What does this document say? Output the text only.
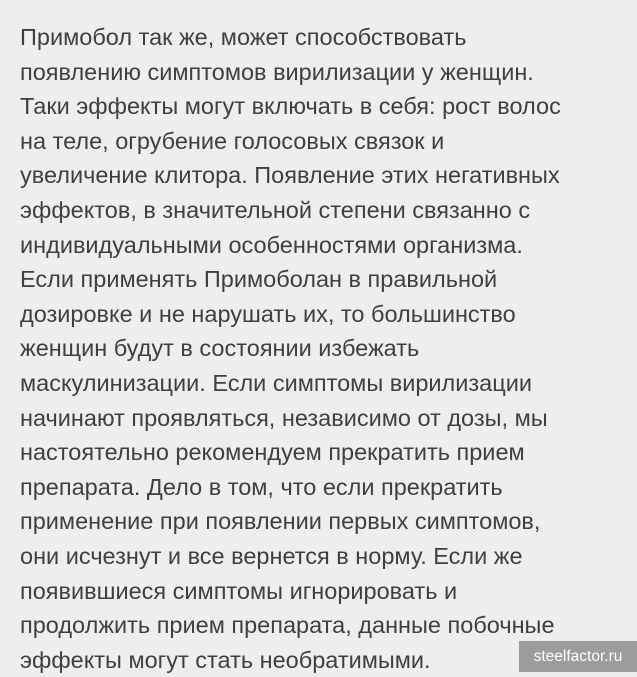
Примобол так же, может способствовать
появлению симптомов вирилизации у женщин.
Таки эффекты могут включать в себя: рост волос
на теле, огрубение голосовых связок и
увеличение клитора. Появление этих негативных
эффектов, в значительной степени связанно с
индивидуальными особенностями организма.
Если применять Примоболан в правильной
дозировке и не нарушать их, то большинство
женщин будут в состоянии избежать
маскулинизации. Если симптомы вирилизации
начинают проявляться, независимо от дозы, мы
настоятельно рекомендуем прекратить прием
препарата. Дело в том, что если прекратить
применение при появлении первых симптомов,
они исчезнут и все вернется в норму. Если же
появившиеся симптомы игнорировать и
продолжить прием препарата, данные побочные
эффекты могут стать необратимыми.	steelfactor.ru
